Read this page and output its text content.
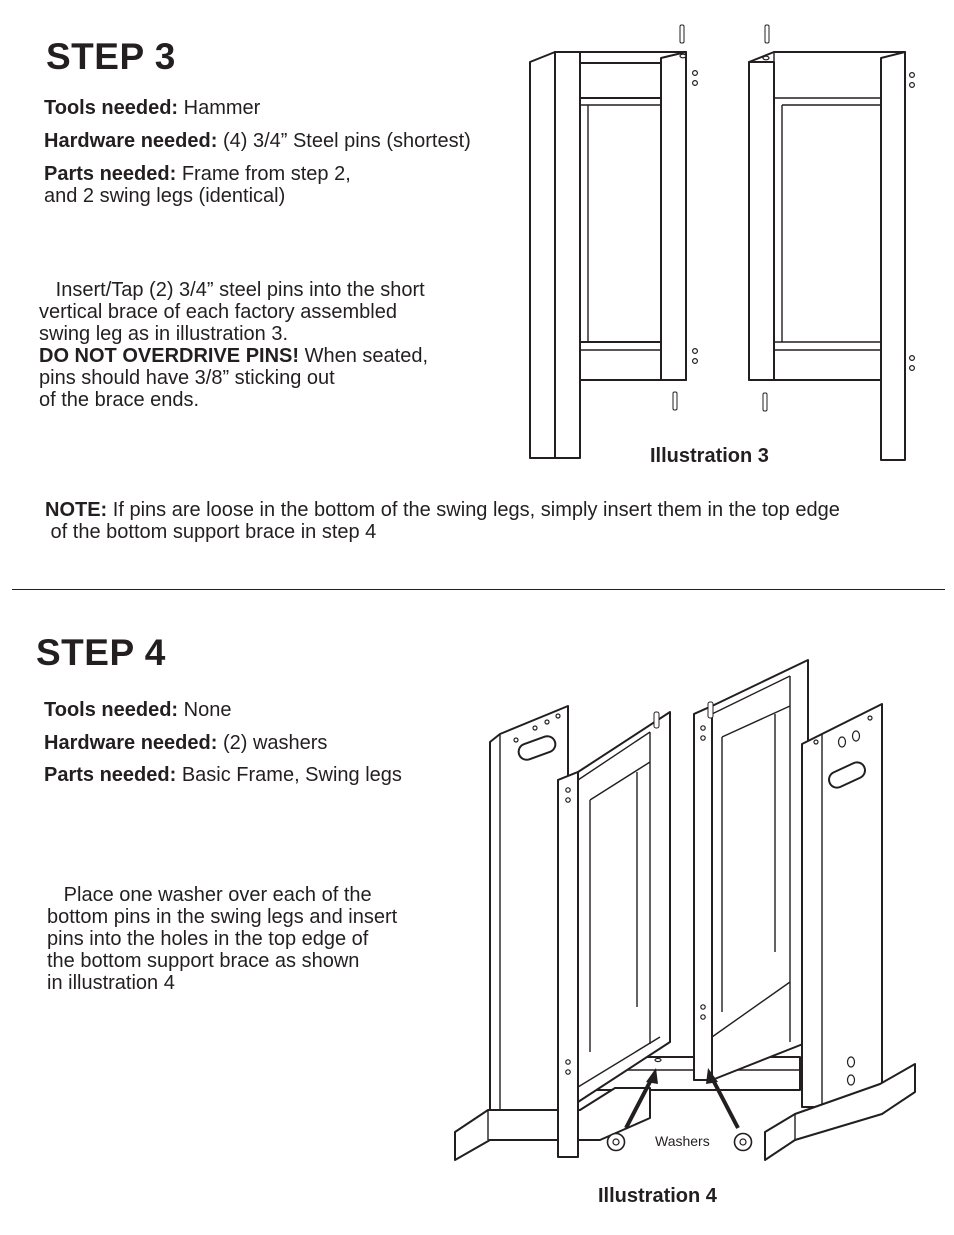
STEP 3
Tools needed: Hammer
Hardware needed: (4) 3/4” Steel pins (shortest)
Parts needed: Frame from step 2,
and 2 swing legs (identical)
Insert/Tap (2) 3/4” steel pins into the short
vertical brace of each factory assembled
swing leg as in illustration 3.
DO NOT OVERDRIVE PINS! When seated,
pins should have 3/8” sticking out
of the brace ends.
Illustration 3
NOTE: If pins are loose in the bottom of the swing legs, simply insert them in the top edge
of the bottom support brace in step 4
STEP 4
Tools needed: None
Hardware needed: (2) washers
Parts needed: Basic Frame, Swing legs
Place one washer over each of the
bottom pins in the swing legs and insert
pins into the holes in the top edge of
the bottom support brace as shown
in illustration 4
Washers
Illustration 4
